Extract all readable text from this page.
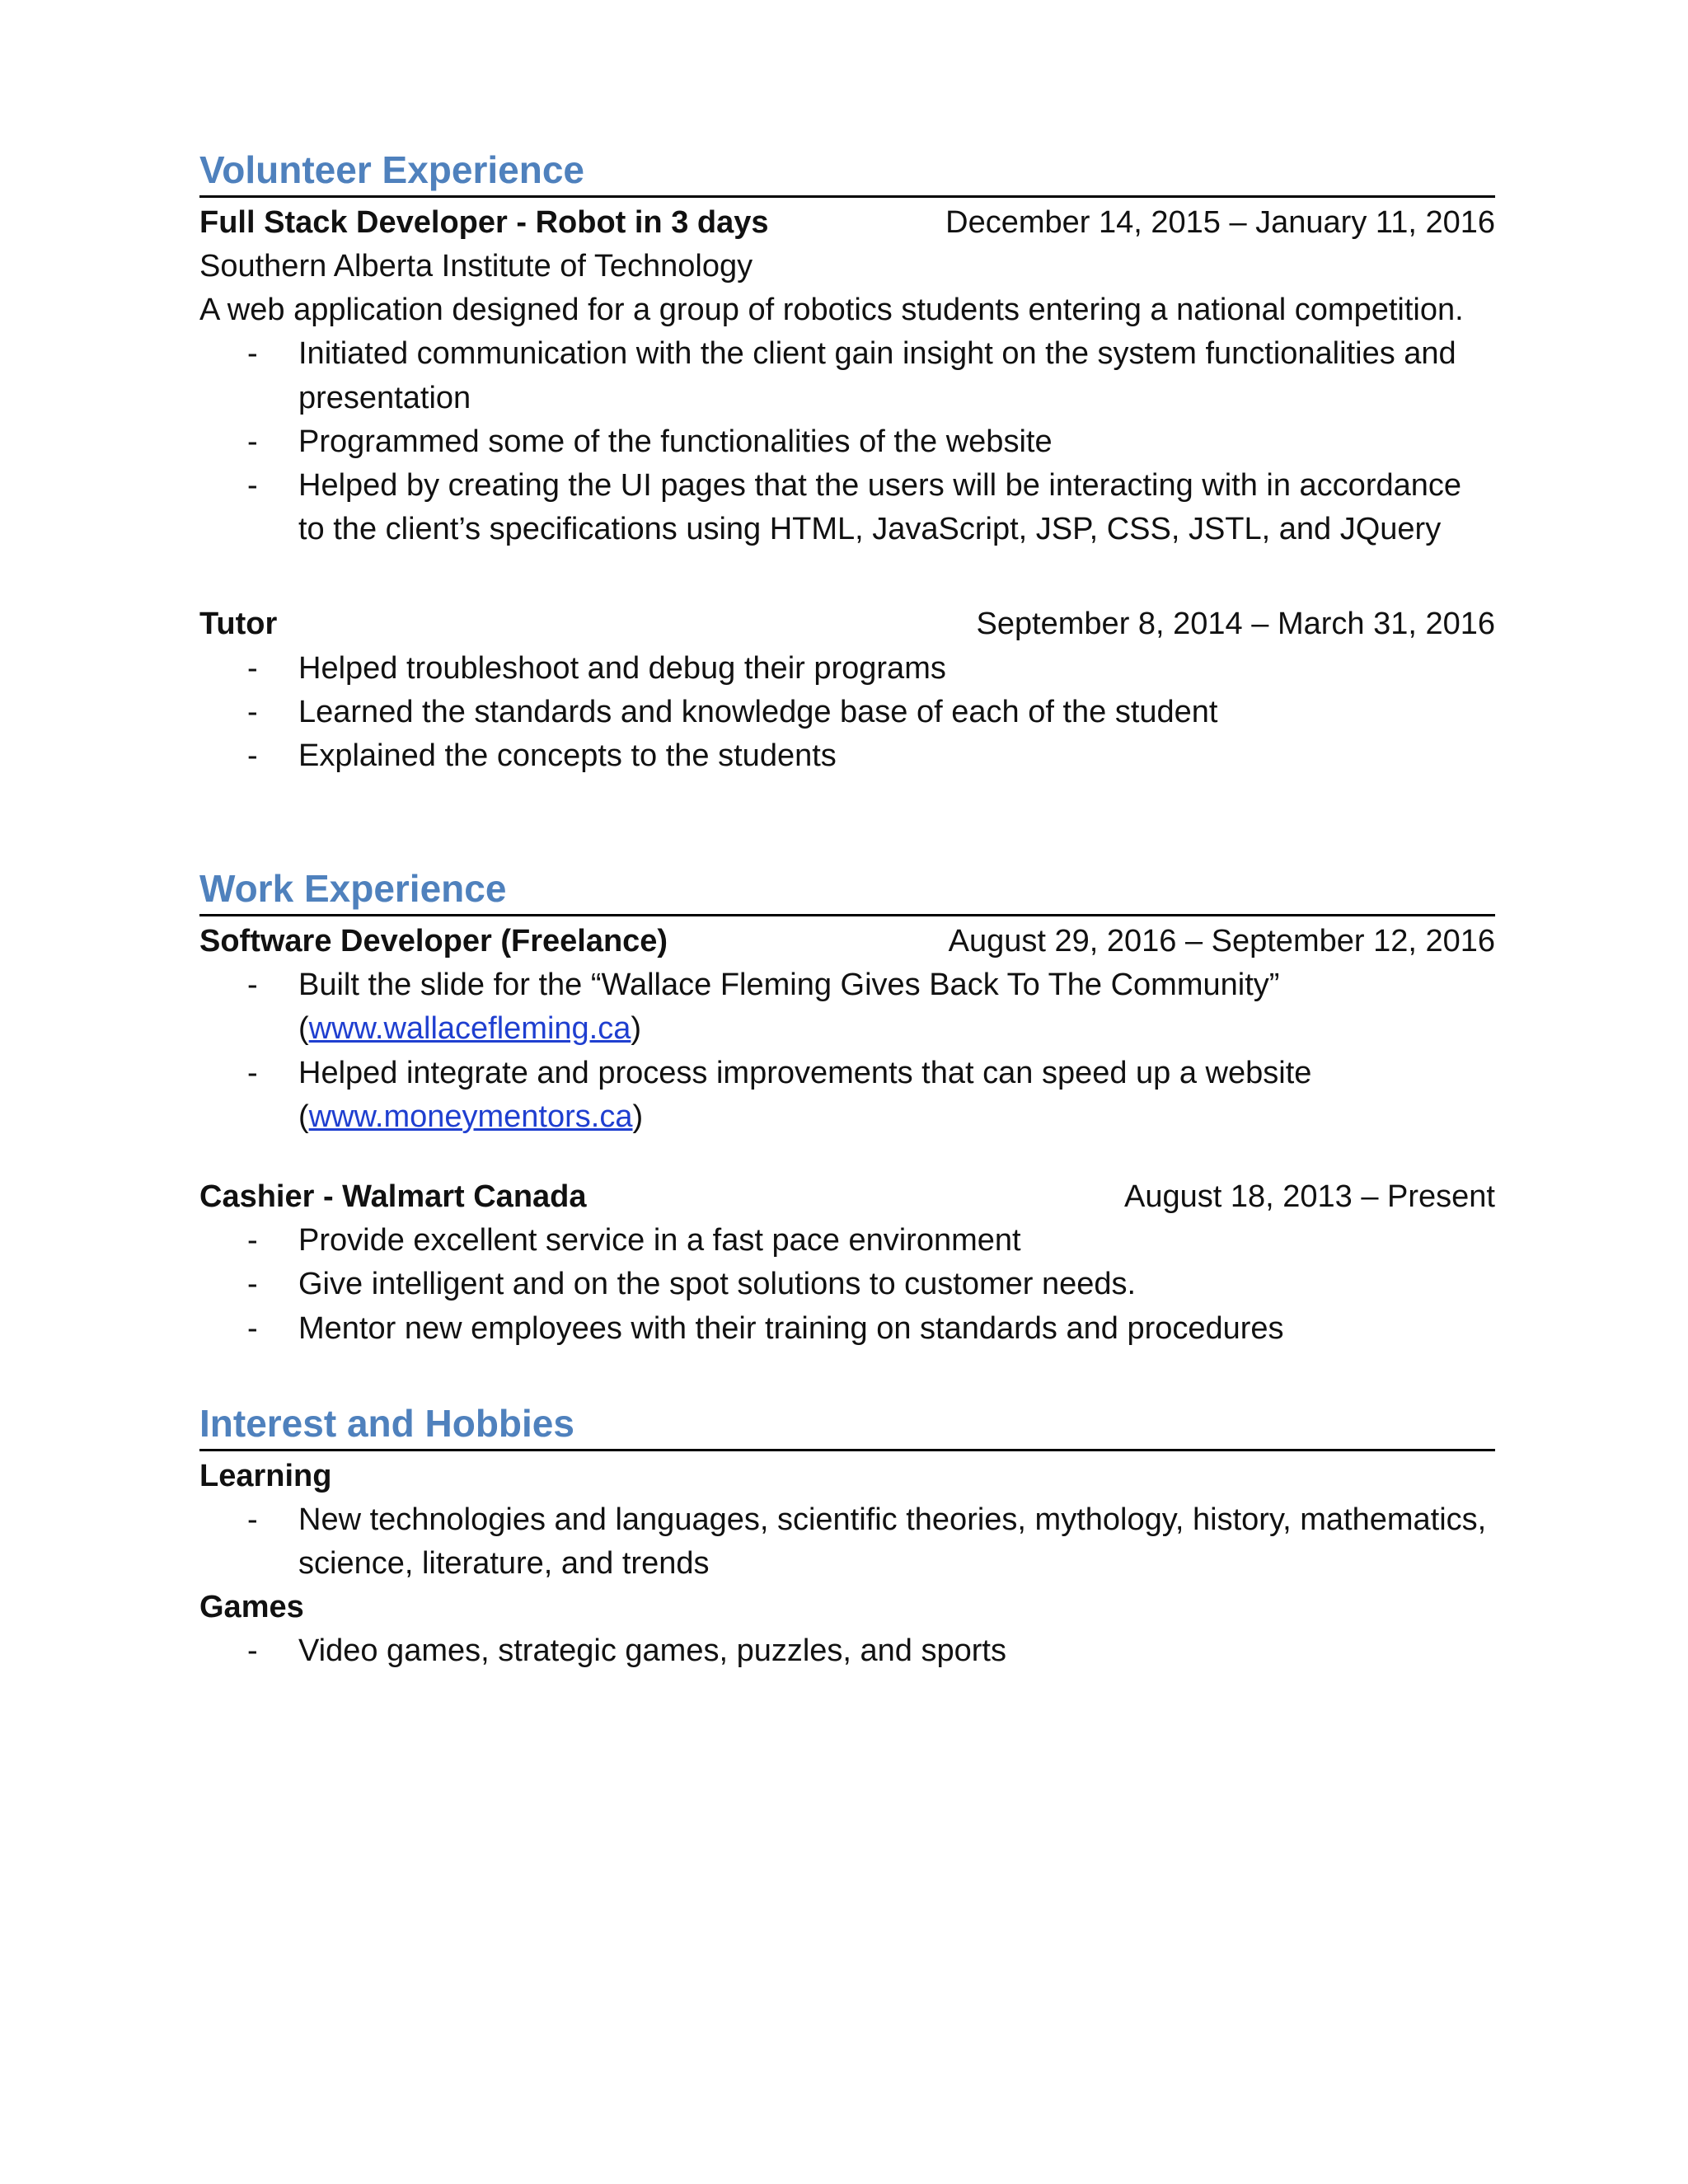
Volunteer Experience
Full Stack Developer - Robot in 3 days	December 14, 2015 – January 11, 2016
Southern Alberta Institute of Technology
A web application designed for a group of robotics students entering a national competition.
-	Initiated communication with the client gain insight on the system functionalities and presentation
-	Programmed some of the functionalities of the website
-	Helped by creating the UI pages that the users will be interacting with in accordance to the client’s specifications using HTML, JavaScript, JSP, CSS, JSTL, and JQuery
Tutor	September 8, 2014 – March 31, 2016
-	Helped troubleshoot and debug their programs
-	Learned the standards and knowledge base of each of the student
-	Explained the concepts to the students
Work Experience
Software Developer (Freelance)	August 29, 2016 – September 12, 2016
-	Built the slide for the “Wallace Fleming Gives Back To The Community”
(www.wallacefleming.ca)
-	Helped integrate and process improvements that can speed up a website
(www.moneymentors.ca)
Cashier - Walmart Canada	August 18, 2013 – Present
-	Provide excellent service in a fast pace environment
-	Give intelligent and on the spot solutions to customer needs.
-	Mentor new employees with their training on standards and procedures
Interest and Hobbies
Learning
-	New technologies and languages, scientific theories, mythology, history, mathematics, science, literature, and trends
Games
-	Video games, strategic games, puzzles, and sports
